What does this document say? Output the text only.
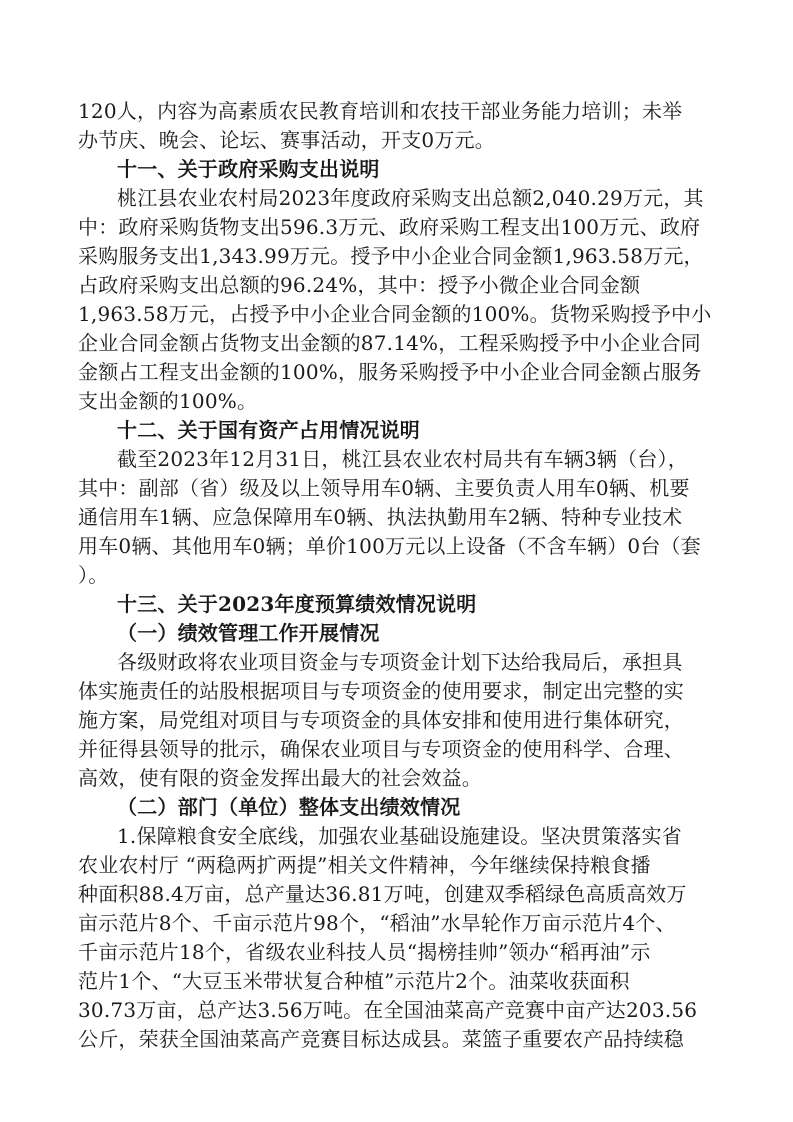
120人，内容为高素质农民教育培训和农技干部业务能力培训；未举
办节庆、晚会、论坛、赛事活动，开支0万元。
十一、关于政府采购支出说明
桃江县农业农村局2023年度政府采购支出总额2,040.29万元，其
中：政府采购货物支出596.3万元、政府采购工程支出100万元、政府
采购服务支出1,343.99万元。授予中小企业合同金额1,963.58万元，
占政府采购支出总额的96.24%，其中：授予小微企业合同金额
1,963.58万元，占授予中小企业合同金额的100%。货物采购授予中小
企业合同金额占货物支出金额的87.14%，工程采购授予中小企业合同
金额占工程支出金额的100%，服务采购授予中小企业合同金额占服务
支出金额的100%。
十二、关于国有资产占用情况说明
截至2023年12月31日，桃江县农业农村局共有车辆3辆（台），
其中：副部（省）级及以上领导用车0辆、主要负责人用车0辆、机要
通信用车1辆、应急保障用车0辆、执法执勤用车2辆、特种专业技术
用车0辆、其他用车0辆；单价100万元以上设备（不含车辆）0台（套
）。
十三、关于2023年度预算绩效情况说明
（一）绩效管理工作开展情况
各级财政将农业项目资金与专项资金计划下达给我局后，承担具
体实施责任的站股根据项目与专项资金的使用要求，制定出完整的实
施方案，局党组对项目与专项资金的具体安排和使用进行集体研究，
并征得县领导的批示，确保农业项目与专项资金的使用科学、合理、
高效，使有限的资金发挥出最大的社会效益。
（二）部门（单位）整体支出绩效情况
1.保障粮食安全底线，加强农业基础设施建设。坚决贯策落实省
农业农村厅 “两稳两扩两提”相关文件精神，今年继续保持粮食播
种面积88.4万亩，总产量达36.81万吨，创建双季稻绿色高质高效万
亩示范片8个、千亩示范片98个，“稻油”水旱轮作万亩示范片4个、
千亩示范片18个，省级农业科技人员“揭榜挂帅”领办“稻再油”示
范片1个、“大豆玉米带状复合种植”示范片2个。油菜收获面积
30.73万亩，总产达3.56万吨。在全国油菜高产竞赛中亩产达203.56
公斤，荣获全国油菜高产竞赛目标达成县。菜篮子重要农产品持续稳
